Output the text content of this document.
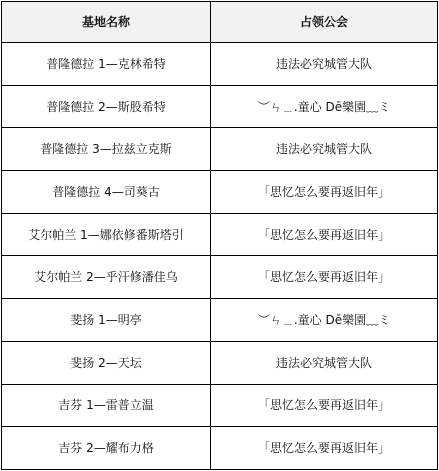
基地名称	占领公会
普隆德拉 1—克林希特	违法必究城管大队
普隆德拉 2—斯股希特	︶ㄣ﹍.童心 Dē樂園﹏ミ
普隆德拉 3—拉兹立克斯	违法必究城管大队
普隆德拉 4—司葵古	「思忆怎么要再返旧年」
艾尔帕兰 1—娜依修番斯塔引	「思忆怎么要再返旧年」
艾尔帕兰 2—乎汗修潘佳乌	「思忆怎么要再返旧年」
斐扬 1—明亭	︶ㄣ﹍.童心 Dē樂園﹏ミ
斐扬 2—天坛	违法必究城管大队
吉芬 1—雷普立温	「思忆怎么要再返旧年」
吉芬 2—耀布力格	「思忆怎么要再返旧年」
